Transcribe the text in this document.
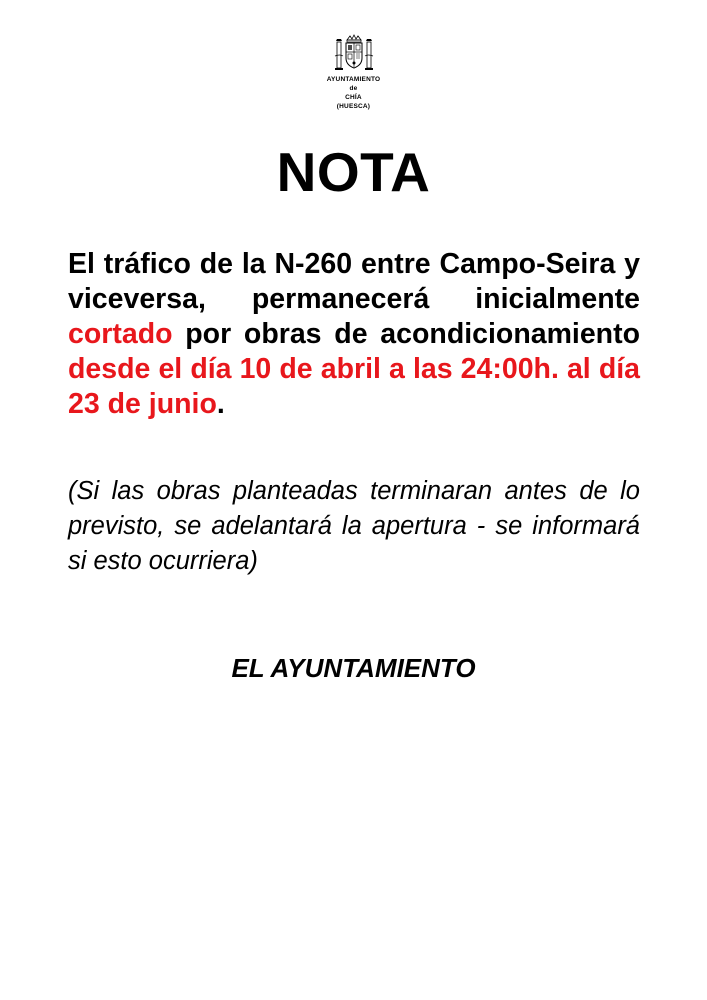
AYUNTAMIENTO
de
CHÍA
(HUESCA)
NOTA
El tráfico de la N-260 entre Campo-Seira y viceversa, permanecerá inicialmente cortado por obras de acondicionamiento desde el día 10 de abril a las 24:00h. al día 23 de junio.
(Si las obras planteadas terminaran antes de lo previsto, se adelantará la apertura - se informará si esto ocurriera)
EL AYUNTAMIENTO
